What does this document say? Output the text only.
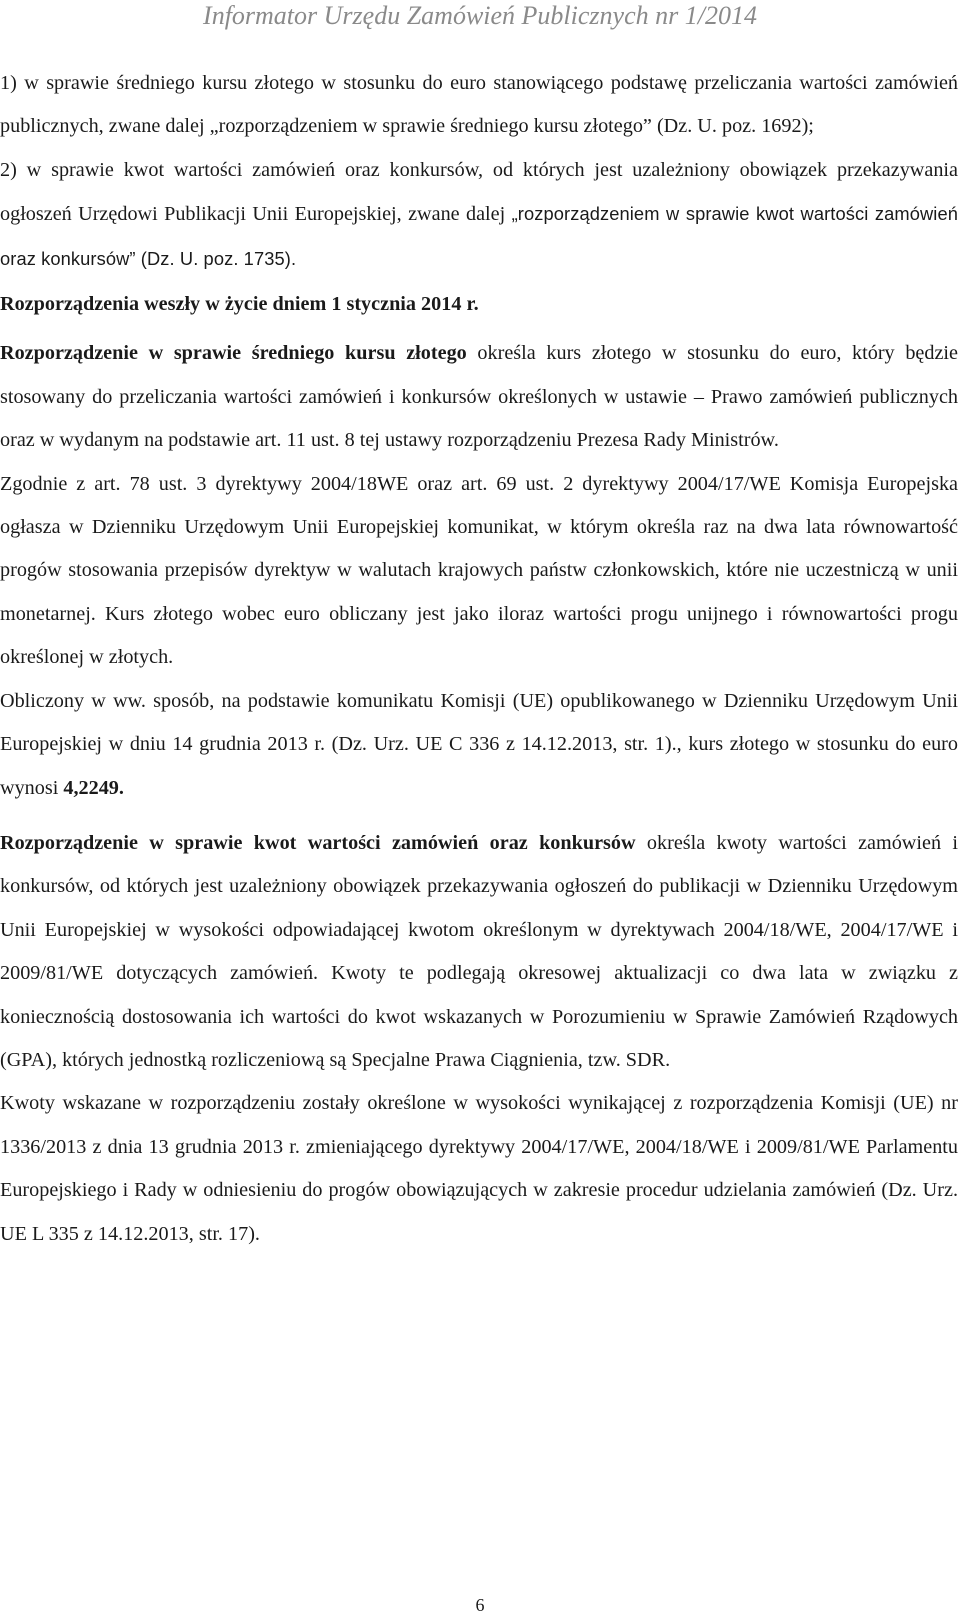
Informator Urzędu Zamówień Publicznych nr 1/2014

1) w sprawie średniego kursu złotego w stosunku do euro stanowiącego podstawę przeliczania wartości zamówień publicznych, zwane dalej „rozporządzeniem w sprawie średniego kursu złotego” (Dz. U. poz. 1692);

2) w sprawie kwot wartości zamówień oraz konkursów, od których jest uzależniony obowiązek przekazywania ogłoszeń Urzędowi Publikacji Unii Europejskiej, zwane dalej „rozporządzeniem w sprawie kwot wartości zamówień oraz konkursów” (Dz. U. poz. 1735).

Rozporządzenia weszły w życie dniem 1 stycznia 2014 r.

Rozporządzenie w sprawie średniego kursu złotego określa kurs złotego w stosunku do euro, który będzie stosowany do przeliczania wartości zamówień i konkursów określonych w ustawie – Prawo zamówień publicznych oraz w wydanym na podstawie art. 11 ust. 8 tej ustawy rozporządzeniu Prezesa Rady Ministrów.

Zgodnie z art. 78 ust. 3 dyrektywy 2004/18WE oraz art. 69 ust. 2 dyrektywy 2004/17/WE Komisja Europejska ogłasza w Dzienniku Urzędowym Unii Europejskiej komunikat, w którym określa raz na dwa lata równowartość progów stosowania przepisów dyrektyw w walutach krajowych państw członkowskich, które nie uczestniczą w unii monetarnej. Kurs złotego wobec euro obliczany jest jako iloraz wartości progu unijnego i równowartości progu określonej w złotych.

Obliczony w ww. sposób, na podstawie komunikatu Komisji (UE) opublikowanego w Dzienniku Urzędowym Unii Europejskiej w dniu 14 grudnia 2013 r. (Dz. Urz. UE C 336 z 14.12.2013, str. 1)., kurs złotego w stosunku do euro wynosi 4,2249.

Rozporządzenie w sprawie kwot wartości zamówień oraz konkursów określa kwoty wartości zamówień i konkursów, od których jest uzależniony obowiązek przekazywania ogłoszeń do publikacji w Dzienniku Urzędowym Unii Europejskiej w wysokości odpowiadającej kwotom określonym w dyrektywach 2004/18/WE, 2004/17/WE i 2009/81/WE dotyczących zamówień. Kwoty te podlegają okresowej aktualizacji co dwa lata w związku z koniecznością dostosowania ich wartości do kwot wskazanych w Porozumieniu w Sprawie Zamówień Rządowych (GPA), których jednostką rozliczeniową są Specjalne Prawa Ciągnienia, tzw. SDR.

Kwoty wskazane w rozporządzeniu zostały określone w wysokości wynikającej z rozporządzenia Komisji (UE) nr 1336/2013 z dnia 13 grudnia 2013 r. zmieniającego dyrektywy 2004/17/WE, 2004/18/WE i 2009/81/WE Parlamentu Europejskiego i Rady w odniesieniu do progów obowiązujących w zakresie procedur udzielania zamówień (Dz. Urz. UE L 335 z 14.12.2013, str. 17).

6
